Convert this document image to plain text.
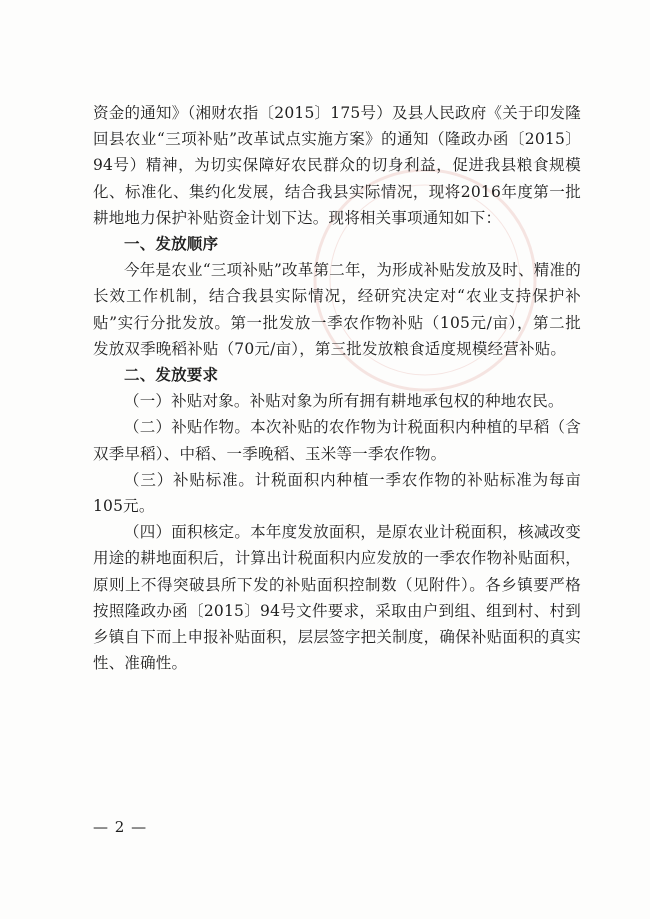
资金的通知》（湘财农指〔2015〕175号）及县人民政府《关于印发隆回县农业“三项补贴”改革试点实施方案》的通知（隆政办函〔2015〕94号）精神，为切实保障好农民群众的切身利益，促进我县粮食规模化、标准化、集约化发展，结合我县实际情况，现将2016年度第一批耕地地力保护补贴资金计划下达。现将相关事项通知如下：

一、发放顺序

今年是农业“三项补贴”改革第二年，为形成补贴发放及时、精准的长效工作机制，结合我县实际情况，经研究决定对“农业支持保护补贴”实行分批发放。第一批发放一季农作物补贴（105元/亩），第二批发放双季晚稻补贴（70元/亩），第三批发放粮食适度规模经营补贴。

二、发放要求

（一）补贴对象。补贴对象为所有拥有耕地承包权的种地农民。

（二）补贴作物。本次补贴的农作物为计税面积内种植的早稻（含双季早稻）、中稻、一季晚稻、玉米等一季农作物。

（三）补贴标准。计税面积内种植一季农作物的补贴标准为每亩105元。

（四）面积核定。本年度发放面积，是原农业计税面积，核减改变用途的耕地面积后，计算出计税面积内应发放的一季农作物补贴面积，原则上不得突破县所下发的补贴面积控制数（见附件）。各乡镇要严格按照隆政办函〔2015〕94号文件要求，采取由户到组、组到村、村到乡镇自下而上申报补贴面积，层层签字把关制度，确保补贴面积的真实性、准确性。

— 2 —
